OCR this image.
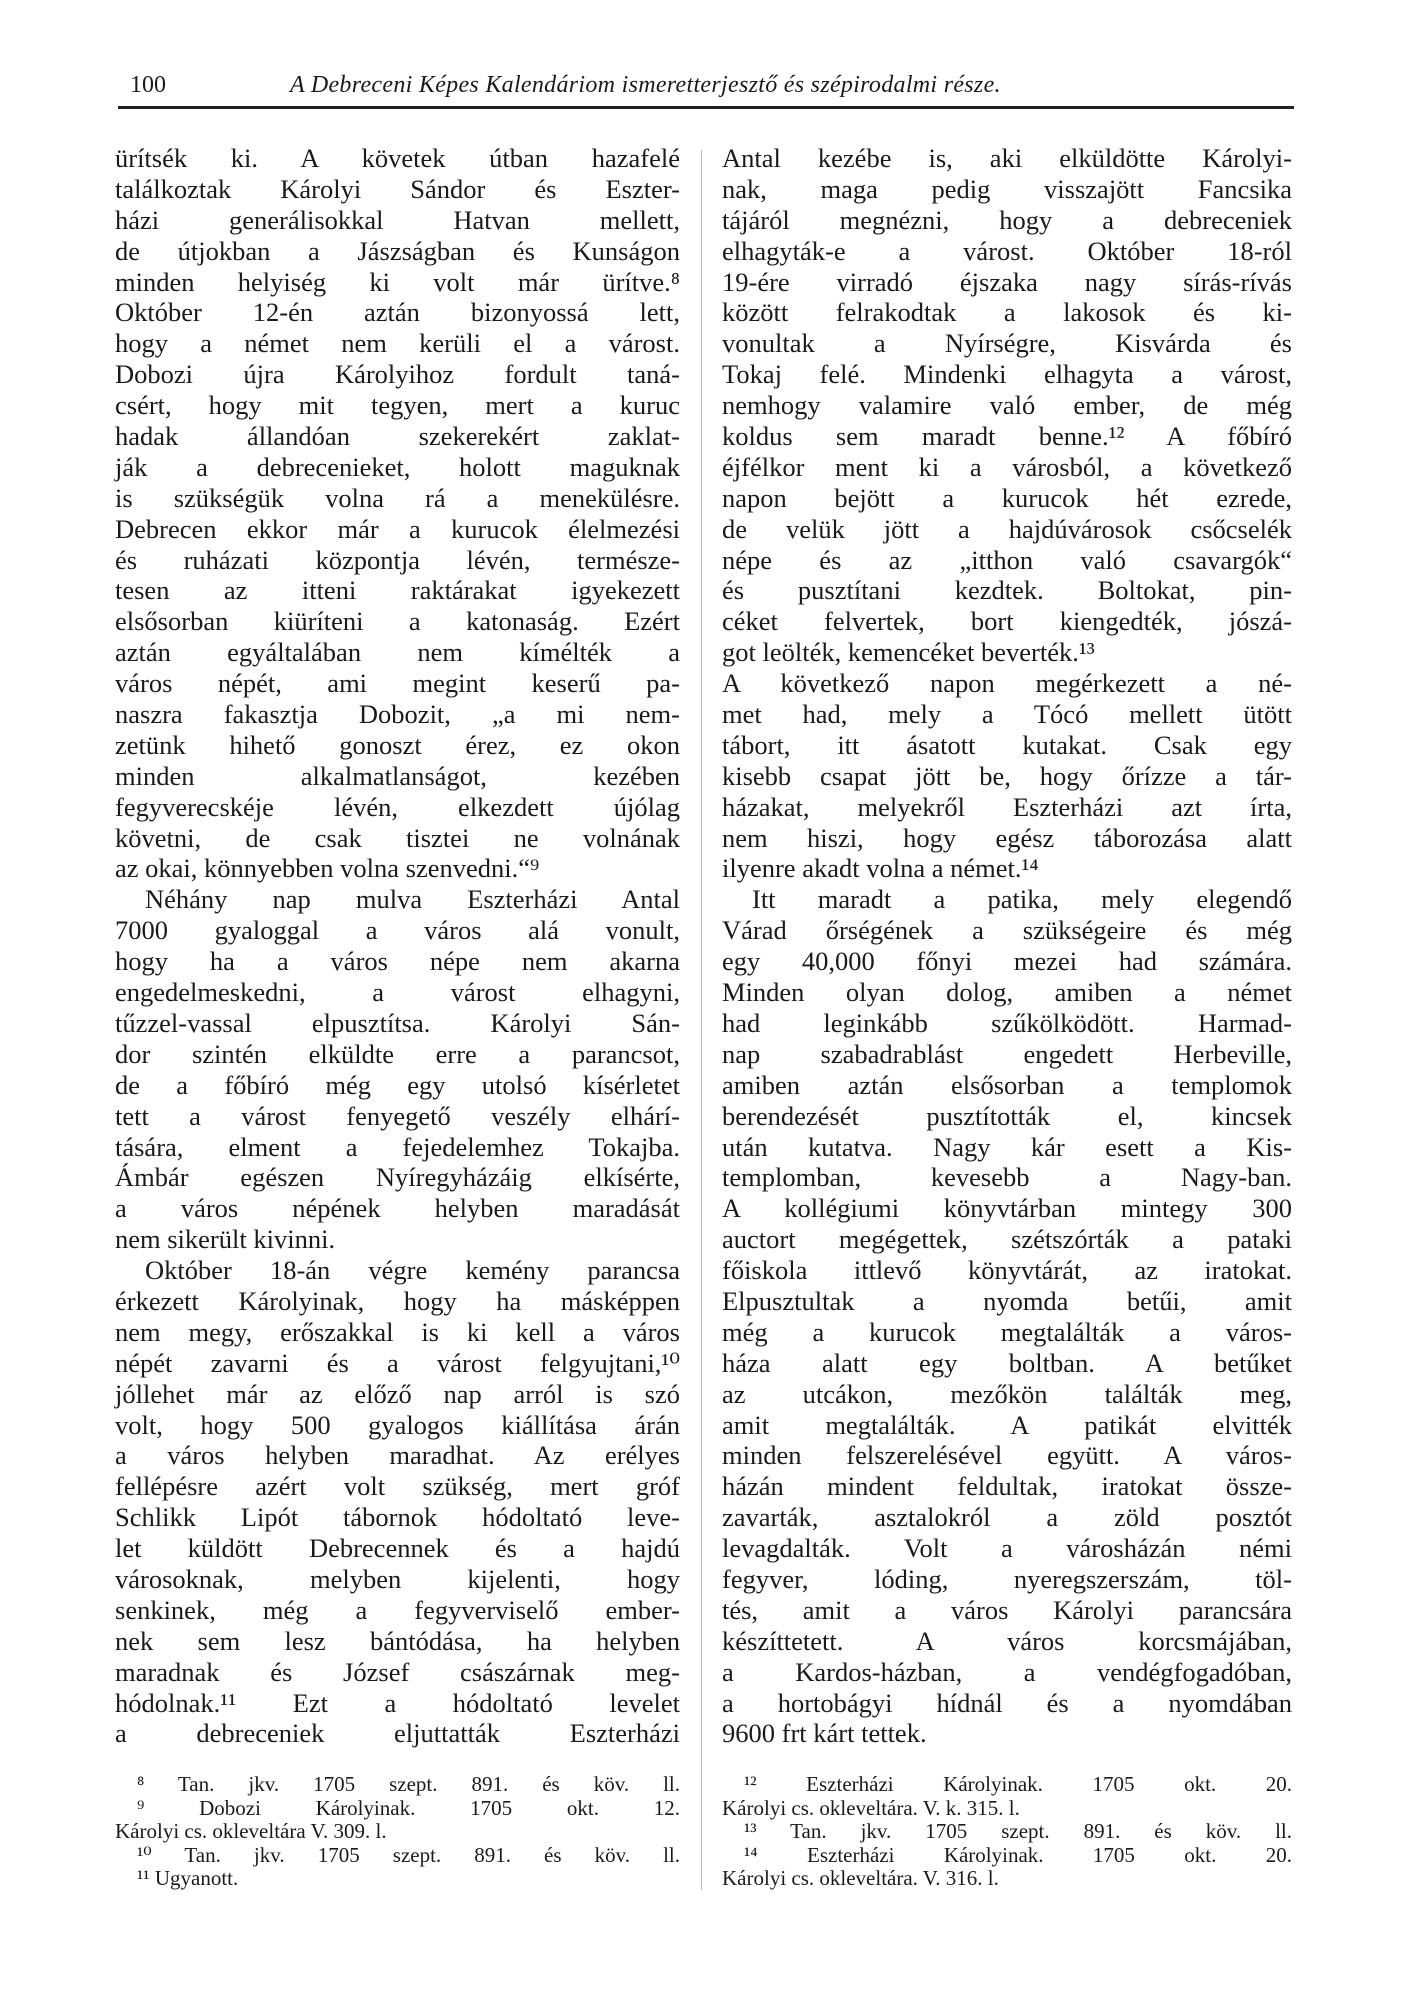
100	A Debreceni Képes Kalendáriom ismeretterjesztő és szépirodalmi része.
ürítsék ki. A követek útban hazafelé
találkoztak Károlyi Sándor és Eszter-
házi generálisokkal Hatvan mellett,
de útjokban a Jászságban és Kunságon
minden helyiség ki volt már ürítve.⁸
Október 12-én aztán bizonyossá lett,
hogy a német nem kerüli el a várost.
Dobozi újra Károlyihoz fordult taná-
csért, hogy mit tegyen, mert a kuruc
hadak állandóan szekerekért zaklat-
ják a debrecenieket, holott maguknak
is szükségük volna rá a menekülésre.
Debrecen ekkor már a kurucok élelmezési
és ruházati központja lévén, természe-
tesen az itteni raktárakat igyekezett
elsősorban kiüríteni a katonaság. Ezért
aztán egyáltalában nem kímélték a
város népét, ami megint keserű pa-
naszra fakasztja Dobozit, „a mi nem-
zetünk hihető gonoszt érez, ez okon
minden alkalmatlanságot, kezében
fegyverecskéje lévén, elkezdett újólag
követni, de csak tisztei ne volnának
az okai, könnyebben volna szenvedni.“⁹
Néhány nap mulva Eszterházi Antal
7000 gyaloggal a város alá vonult,
hogy ha a város népe nem akarna
engedelmeskedni, a várost elhagyni,
tűzzel-vassal elpusztítsa. Károlyi Sán-
dor szintén elküldte erre a parancsot,
de a főbíró még egy utolsó kísérletet
tett a várost fenyegető veszély elhárí-
tására, elment a fejedelemhez Tokajba.
Ámbár egészen Nyíregyházáig elkísérte,
a város népének helyben maradását
nem sikerült kivinni.
Október 18-án végre kemény parancsa
érkezett Károlyinak, hogy ha másképpen
nem megy, erőszakkal is ki kell a város
népét zavarni és a várost felgyujtani,¹⁰
jóllehet már az előző nap arról is szó
volt, hogy 500 gyalogos kiállítása árán
a város helyben maradhat. Az erélyes
fellépésre azért volt szükség, mert gróf
Schlikk Lipót tábornok hódoltató leve-
let küldött Debrecennek és a hajdú
városoknak, melyben kijelenti, hogy
senkinek, még a fegyverviselő ember-
nek sem lesz bántódása, ha helyben
maradnak és József császárnak meg-
hódolnak.¹¹ Ezt a hódoltató levelet
a debreceniek eljuttatták Eszterházi
Antal kezébe is, aki elküldötte Károlyi-
nak, maga pedig visszajött Fancsika
tájáról megnézni, hogy a debreceniek
elhagyták-e a várost. Október 18-ról
19-ére virradó éjszaka nagy sírás-rívás
között felrakodtak a lakosok és ki-
vonultak a Nyírségre, Kisvárda és
Tokaj felé. Mindenki elhagyta a várost,
nemhogy valamire való ember, de még
koldus sem maradt benne.¹² A főbíró
éjfélkor ment ki a városból, a következő
napon bejött a kurucok hét ezrede,
de velük jött a hajdúvárosok csőcselék
népe és az „itthon való csavargók“
és pusztítani kezdtek. Boltokat, pin-
céket felvertek, bort kiengedték, jószá-
got leölték, kemencéket beverték.¹³
A következő napon megérkezett a né-
met had, mely a Tócó mellett ütött
tábort, itt ásatott kutakat. Csak egy
kisebb csapat jött be, hogy őrízze a tár-
házakat, melyekről Eszterházi azt írta,
nem hiszi, hogy egész táborozása alatt
ilyenre akadt volna a német.¹⁴
Itt maradt a patika, mely elegendő
Várad őrségének a szükségeire és még
egy 40,000 főnyi mezei had számára.
Minden olyan dolog, amiben a német
had leginkább szűkölködött. Harmad-
nap szabadrablást engedett Herbeville,
amiben aztán elsősorban a templomok
berendezését pusztították el, kincsek
után kutatva. Nagy kár esett a Kis-
templomban, kevesebb a Nagy-ban.
A kollégiumi könyvtárban mintegy 300
auctort megégettek, szétszórták a pataki
főiskola ittlevő könyvtárát, az iratokat.
Elpusztultak a nyomda betűi, amit
még a kurucok megtalálták a város-
háza alatt egy boltban. A betűket
az utcákon, mezőkön találták meg,
amit megtalálták. A patikát elvitték
minden felszerelésével együtt. A város-
házán mindent feldultak, iratokat össze-
zavarták, asztalokról a zöld posztót
levagdalták. Volt a városházán némi
fegyver, lóding, nyeregszerszám, töl-
tés, amit a város Károlyi parancsára
készíttetett. A város korcsmájában,
a Kardos-házban, a vendégfogadóban,
a hortobágyi hídnál és a nyomdában
9600 frt kárt tettek.
⁸ Tan. jkv. 1705 szept. 891. és köv. ll.
⁹ Dobozi Károlyinak. 1705 okt. 12.
Károlyi cs. okleveltára V. 309. l.
¹⁰ Tan. jkv. 1705 szept. 891. és köv. ll.
¹¹ Ugyanott.
¹² Eszterházi Károlyinak. 1705 okt. 20.
Károlyi cs. okleveltára. V. k. 315. l.
¹³ Tan. jkv. 1705 szept. 891. és köv. ll.
¹⁴ Eszterházi Károlyinak. 1705 okt. 20.
Károlyi cs. okleveltára. V. 316. l.
